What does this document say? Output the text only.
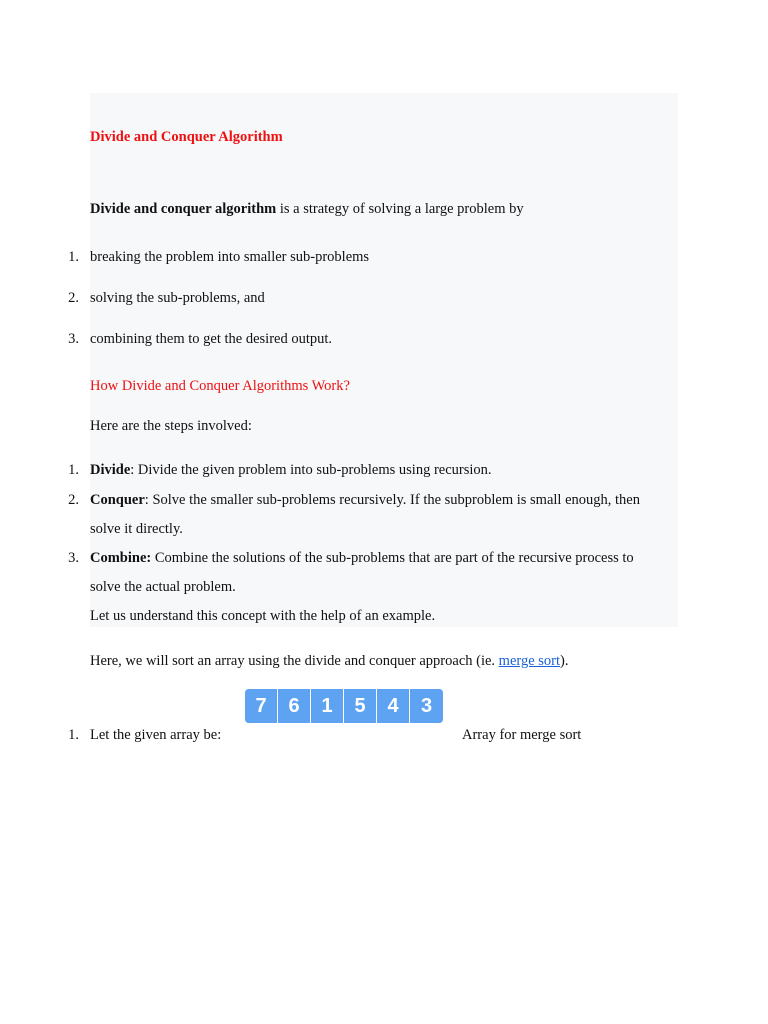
Divide and Conquer Algorithm
Divide and conquer algorithm is a strategy of solving a large problem by
1. breaking the problem into smaller sub-problems
2. solving the sub-problems, and
3. combining them to get the desired output.
How Divide and Conquer Algorithms Work?
Here are the steps involved:
1. Divide: Divide the given problem into sub-problems using recursion.
2. Conquer: Solve the smaller sub-problems recursively. If the subproblem is small enough, then
solve it directly.
3. Combine: Combine the solutions of the sub-problems that are part of the recursive process to
solve the actual problem.
Let us understand this concept with the help of an example.
Here, we will sort an array using the divide and conquer approach (ie. merge sort).
7	6	1	5	4	3
1. Let the given array be:	Array for merge sort
